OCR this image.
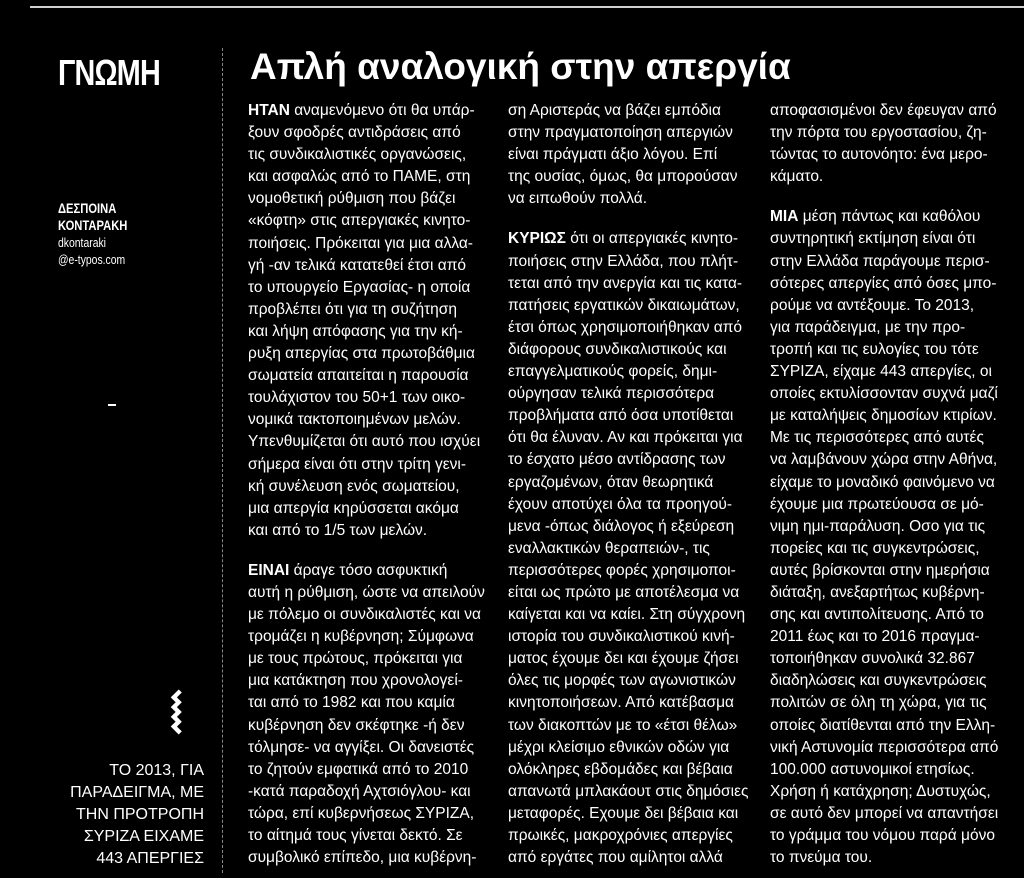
ΓΝΩΜΗ
ΔΕΣΠΟΙΝΑ
ΚΟΝΤΑΡΑΚΗ
dkontaraki
@e-typos.com
⧙
ΤΟ 2013, ΓΙΑ
ΠΑΡΑΔΕΙΓΜΑ, ΜΕ
ΤΗΝ ΠΡΟΤΡΟΠΗ
ΣΥΡΙΖΑ ΕΙΧΑΜΕ
443 ΑΠΕΡΓΙΕΣ
Απλή αναλογική στην απεργία

ΗΤΑΝ αναμενόμενο ότι θα υπάρ-
ξουν σφοδρές αντιδράσεις από
τις συνδικαλιστικές οργανώσεις,
και ασφαλώς από το ΠΑΜΕ, στη
νομοθετική ρύθμιση που βάζει
«κόφτη» στις απεργιακές κινητο-
ποιήσεις. Πρόκειται για μια αλλα-
γή -αν τελικά κατατεθεί έτσι από
το υπουργείο Εργασίας- η οποία
προβλέπει ότι για τη συζήτηση
και λήψη απόφασης για την κή-
ρυξη απεργίας στα πρωτοβάθμια
σωματεία απαιτείται η παρουσία
τουλάχιστον του 50+1 των οικο-
νομικά τακτοποιημένων μελών.
Υπενθυμίζεται ότι αυτό που ισχύει
σήμερα είναι ότι στην τρίτη γενι-
κή συνέλευση ενός σωματείου,
μια απεργία κηρύσσεται ακόμα
και από το 1/5 των μελών.

ΕΙΝΑΙ άραγε τόσο ασφυκτική
αυτή η ρύθμιση, ώστε να απειλούν
με πόλεμο οι συνδικαλιστές και να
τρομάζει η κυβέρνηση; Σύμφωνα
με τους πρώτους, πρόκειται για
μια κατάκτηση που χρονολογεί-
ται από το 1982 και που καμία
κυβέρνηση δεν σκέφτηκε -ή δεν
τόλμησε- να αγγίξει. Οι δανειστές
το ζητούν εμφατικά από το 2010
-κατά παραδοχή Αχτσιόγλου- και
τώρα, επί κυβερνήσεως ΣΥΡΙΖΑ,
το αίτημά τους γίνεται δεκτό. Σε
συμβολικό επίπεδο, μια κυβέρνη-

ση Αριστεράς να βάζει εμπόδια
στην πραγματοποίηση απεργιών
είναι πράγματι άξιο λόγου. Επί
της ουσίας, όμως, θα μπορούσαν
να ειπωθούν πολλά.

ΚΥΡΙΩΣ ότι οι απεργιακές κινητο-
ποιήσεις στην Ελλάδα, που πλήτ-
τεται από την ανεργία και τις κατα-
πατήσεις εργατικών δικαιωμάτων,
έτσι όπως χρησιμοποιήθηκαν από
διάφορους συνδικαλιστικούς και
επαγγελματικούς φορείς, δημι-
ούργησαν τελικά περισσότερα
προβλήματα από όσα υποτίθεται
ότι θα έλυναν. Αν και πρόκειται για
το έσχατο μέσο αντίδρασης των
εργαζομένων, όταν θεωρητικά
έχουν αποτύχει όλα τα προηγού-
μενα -όπως διάλογος ή εξεύρεση
εναλλακτικών θεραπειών-, τις
περισσότερες φορές χρησιμοποι-
είται ως πρώτο με αποτέλεσμα να
καίγεται και να καίει. Στη σύγχρονη
ιστορία του συνδικαλιστικού κινή-
ματος έχουμε δει και έχουμε ζήσει
όλες τις μορφές των αγωνιστικών
κινητοποιήσεων. Από κατέβασμα
των διακοπτών με το «έτσι θέλω»
μέχρι κλείσιμο εθνικών οδών για
ολόκληρες εβδομάδες και βέβαια
απανωτά μπλακάουτ στις δημόσιες
μεταφορές. Εχουμε δει βέβαια και
πρωικές, μακροχρόνιες απεργίες
από εργάτες που αμίλητοι αλλά

αποφασισμένοι δεν έφευγαν από
την πόρτα του εργοστασίου, ζη-
τώντας το αυτονόητο: ένα μερο-
κάματο.

ΜΙΑ μέση πάντως και καθόλου
συντηρητική εκτίμηση είναι ότι
στην Ελλάδα παράγουμε περισ-
σότερες απεργίες από όσες μπο-
ρούμε να αντέξουμε. Το 2013,
για παράδειγμα, με την προ-
τροπή και τις ευλογίες του τότε
ΣΥΡΙΖΑ, είχαμε 443 απεργίες, οι
οποίες εκτυλίσσονταν συχνά μαζί
με καταλήψεις δημοσίων κτιρίων.
Με τις περισσότερες από αυτές
να λαμβάνουν χώρα στην Αθήνα,
είχαμε το μοναδικό φαινόμενο να
έχουμε μια πρωτεύουσα σε μό-
νιμη ημι-παράλυση. Οσο για τις
πορείες και τις συγκεντρώσεις,
αυτές βρίσκονται στην ημερήσια
διάταξη, ανεξαρτήτως κυβέρνη-
σης και αντιπολίτευσης. Από το
2011 έως και το 2016 πραγμα-
τοποιήθηκαν συνολικά 32.867
διαδηλώσεις και συγκεντρώσεις
πολιτών σε όλη τη χώρα, για τις
οποίες διατίθενται από την Ελλη-
νική Αστυνομία περισσότερα από
100.000 αστυνομικοί ετησίως.
Χρήση ή κατάχρηση; Δυστυχώς,
σε αυτό δεν μπορεί να απαντήσει
το γράμμα του νόμου παρά μόνο
το πνεύμα του.
